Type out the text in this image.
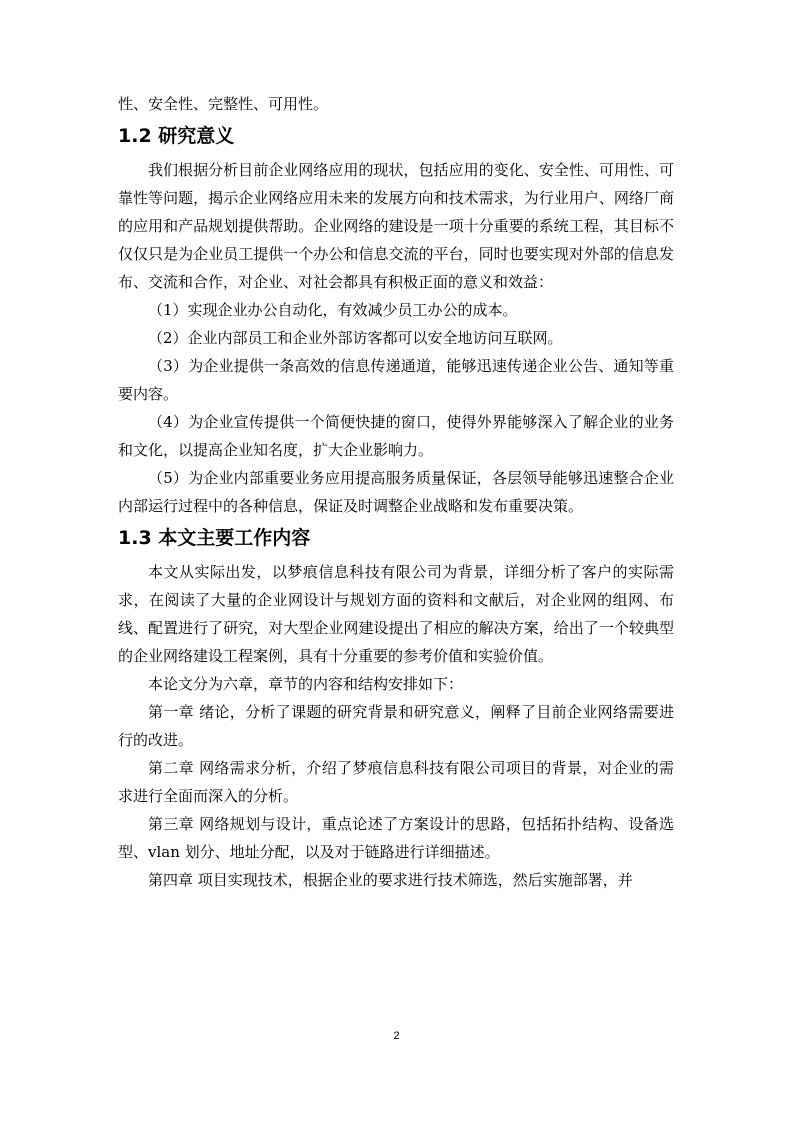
性、安全性、完整性、可用性。

1.2 研究意义

我们根据分析目前企业网络应用的现状，包括应用的变化、安全性、可用性、可靠性等问题，揭示企业网络应用未来的发展方向和技术需求，为行业用户、网络厂商的应用和产品规划提供帮助。企业网络的建设是一项十分重要的系统工程，其目标不仅仅只是为企业员工提供一个办公和信息交流的平台，同时也要实现对外部的信息发布、交流和合作，对企业、对社会都具有积极正面的意义和效益：

（1）实现企业办公自动化，有效减少员工办公的成本。

（2）企业内部员工和企业外部访客都可以安全地访问互联网。

（3）为企业提供一条高效的信息传递通道，能够迅速传递企业公告、通知等重要内容。

（4）为企业宣传提供一个简便快捷的窗口，使得外界能够深入了解企业的业务和文化，以提高企业知名度，扩大企业影响力。

（5）为企业内部重要业务应用提高服务质量保证，各层领导能够迅速整合企业内部运行过程中的各种信息，保证及时调整企业战略和发布重要决策。

1.3 本文主要工作内容

本文从实际出发，以梦痕信息科技有限公司为背景，详细分析了客户的实际需求，在阅读了大量的企业网设计与规划方面的资料和文献后，对企业网的组网、布线、配置进行了研究，对大型企业网建设提出了相应的解决方案，给出了一个较典型的企业网络建设工程案例，具有十分重要的参考价值和实验价值。

本论文分为六章，章节的内容和结构安排如下：

第一章 绪论，分析了课题的研究背景和研究意义，阐释了目前企业网络需要进行的改进。

第二章 网络需求分析，介绍了梦痕信息科技有限公司项目的背景，对企业的需求进行全面而深入的分析。

第三章 网络规划与设计，重点论述了方案设计的思路，包括拓扑结构、设备选型、vlan 划分、地址分配，以及对于链路进行详细描述。

第四章 项目实现技术，根据企业的要求进行技术筛选，然后实施部署，并

2
